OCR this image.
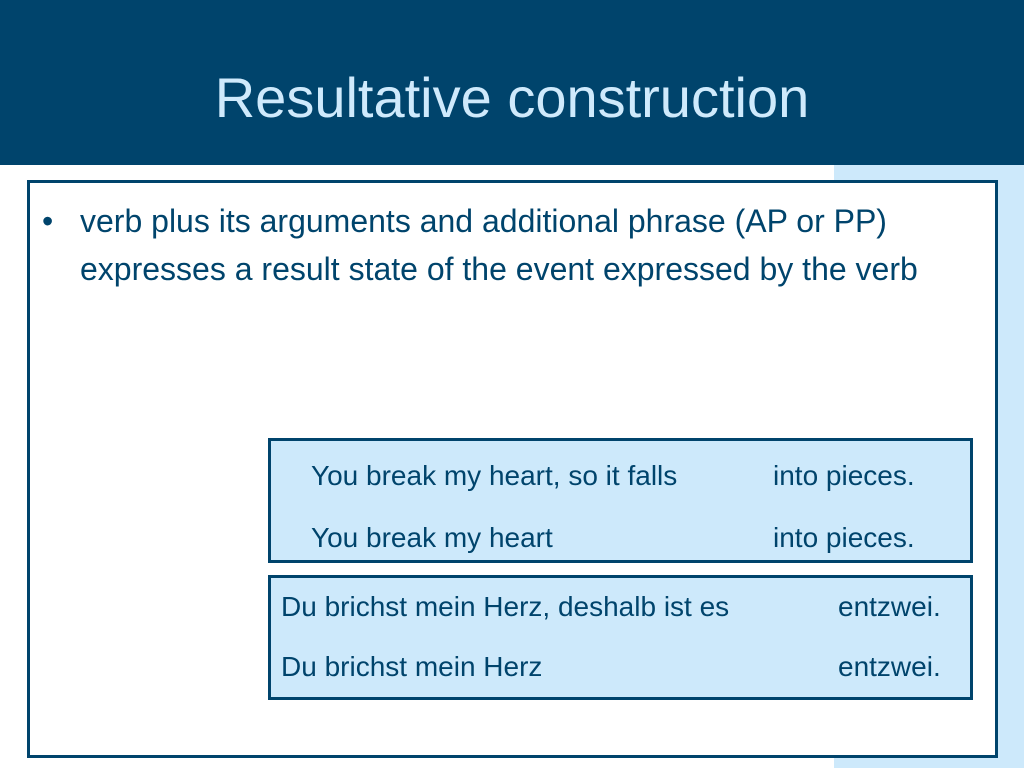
Resultative construction
• verb plus its arguments and additional phrase (AP or PP) expresses a result state of the event expressed by the verb
You break my heart, so it falls	into pieces.
You break my heart	into pieces.
Du brichst mein Herz, deshalb ist es	entzwei.
Du brichst mein Herz	entzwei.
